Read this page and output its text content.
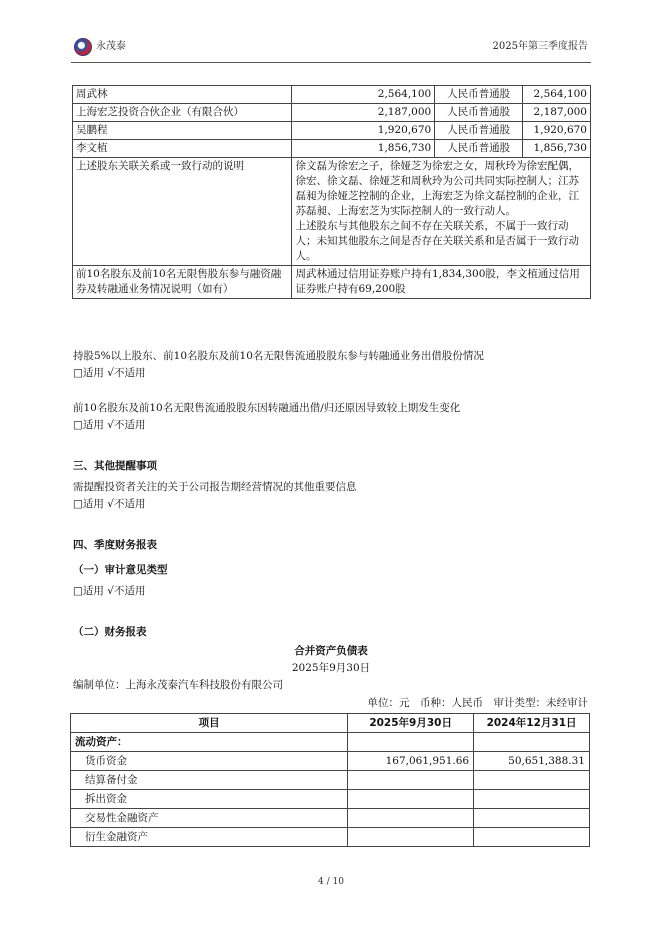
永茂泰	2025年第三季度报告
周武林	2,564,100	人民币普通股	2,564,100
上海宏芝投资合伙企业（有限合伙）	2,187,000	人民币普通股	2,187,000
吴鹏程	1,920,670	人民币普通股	1,920,670
李文植	1,856,730	人民币普通股	1,856,730
上述股东关联关系或一致行动的说明	徐文磊为徐宏之子，徐娅芝为徐宏之女，周秋玲为徐宏配偶，徐宏、徐文磊、徐娅芝和周秋玲为公司共同实际控制人；江苏磊昶为徐娅芝控制的企业，上海宏芝为徐文磊控制的企业，江苏磊昶、上海宏芝为实际控制人的一致行动人。
上述股东与其他股东之间不存在关联关系，不属于一致行动人；未知其他股东之间是否存在关联关系和是否属于一致行动人。		

前10名股东及前10名无限售股东参与融资融券及转融通业务情况说明（如有）	周武林通过信用证券账户持有1,834,300股，李文植通过信用证券账户持有69,200股		
持股5%以上股东、前10名股东及前10名无限售流通股股东参与转融通业务出借股份情况
□适用 √不适用
前10名股东及前10名无限售流通股股东因转融通出借/归还原因导致较上期发生变化
□适用 √不适用
三、其他提醒事项
需提醒投资者关注的关于公司报告期经营情况的其他重要信息
□适用 √不适用
四、季度财务报表
（一）审计意见类型
□适用 √不适用
（二）财务报表
合并资产负债表
2025年9月30日
编制单位：上海永茂泰汽车科技股份有限公司
单位：元　币种：人民币　审计类型：未经审计
项目	2025年9月30日	2024年12月31日
流动资产：		
货币资金	167,061,951.66	50,651,388.31
结算备付金		
拆出资金		
交易性金融资产		
衍生金融资产		
4 / 10
